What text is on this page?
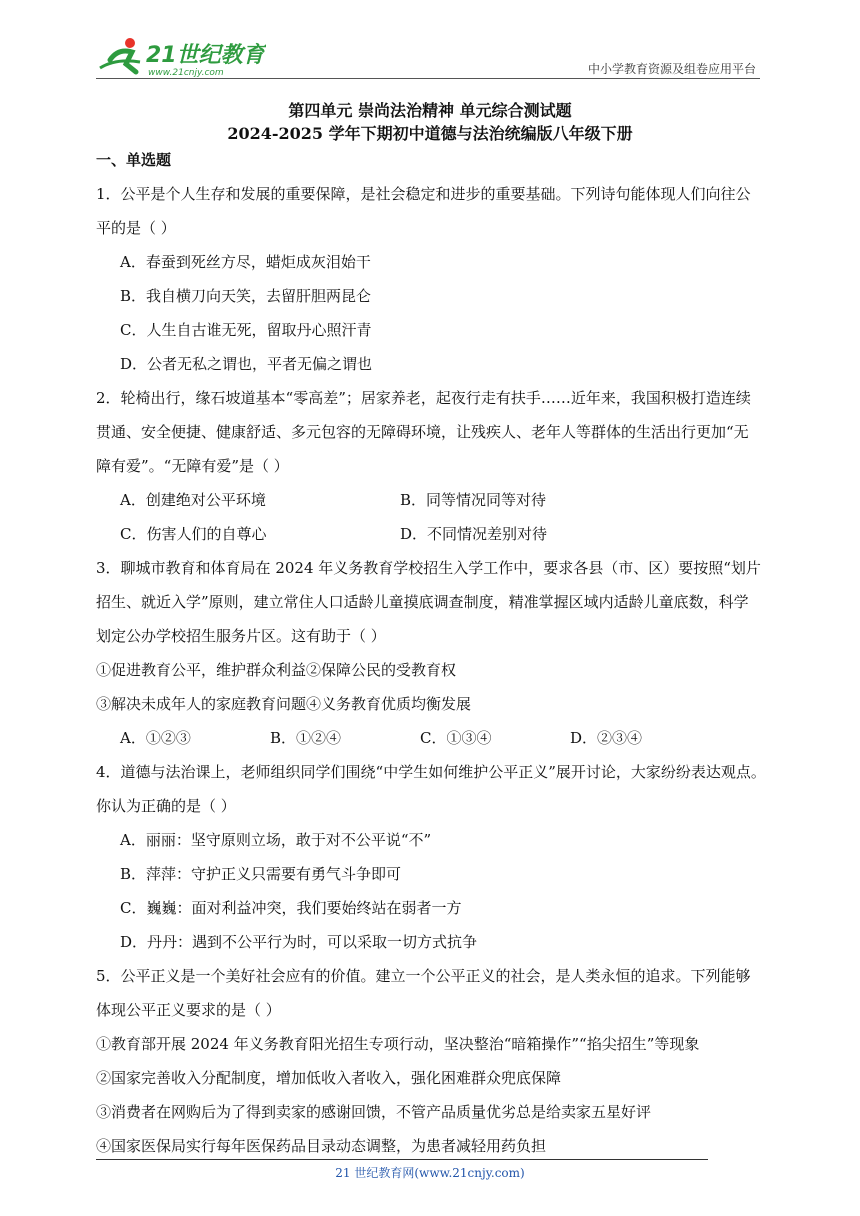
21世纪教育
www.21cnjy.com	中小学教育资源及组卷应用平台
第四单元 崇尚法治精神 单元综合测试题
2024-2025 学年下期初中道德与法治统编版八年级下册
一、单选题
1．公平是个人生存和发展的重要保障，是社会稳定和进步的重要基础。下列诗句能体现人们向往公
平的是（ ）
A．春蚕到死丝方尽，蜡炬成灰泪始干
B．我自横刀向天笑，去留肝胆两昆仑
C．人生自古谁无死，留取丹心照汗青
D．公者无私之谓也，平者无偏之谓也
2．轮椅出行，缘石坡道基本“零高差”；居家养老，起夜行走有扶手……近年来，我国积极打造连续
贯通、安全便捷、健康舒适、多元包容的无障碍环境，让残疾人、老年人等群体的生活出行更加“无
障有爱”。“无障有爱”是（ ）
A．创建绝对公平环境	B．同等情况同等对待
C．伤害人们的自尊心	D．不同情况差别对待
3．聊城市教育和体育局在 2024 年义务教育学校招生入学工作中，要求各县（市、区）要按照“划片
招生、就近入学”原则，建立常住人口适龄儿童摸底调查制度，精准掌握区域内适龄儿童底数，科学
划定公办学校招生服务片区。这有助于（ ）
①促进教育公平，维护群众利益②保障公民的受教育权
③解决未成年人的家庭教育问题④义务教育优质均衡发展
A．①②③	B．①②④	C．①③④	D．②③④
4．道德与法治课上，老师组织同学们围绕“中学生如何维护公平正义”展开讨论，大家纷纷表达观点。
你认为正确的是（ ）
A．丽丽：坚守原则立场，敢于对不公平说“不”
B．萍萍：守护正义只需要有勇气斗争即可
C．巍巍：面对利益冲突，我们要始终站在弱者一方
D．丹丹：遇到不公平行为时，可以采取一切方式抗争
5．公平正义是一个美好社会应有的价值。建立一个公平正义的社会，是人类永恒的追求。下列能够
体现公平正义要求的是（ ）
①教育部开展 2024 年义务教育阳光招生专项行动，坚决整治“暗箱操作”“掐尖招生”等现象
②国家完善收入分配制度，增加低收入者收入，强化困难群众兜底保障
③消费者在网购后为了得到卖家的感谢回馈，不管产品质量优劣总是给卖家五星好评
④国家医保局实行每年医保药品目录动态调整，为患者减轻用药负担
21 世纪教育网(www.21cnjy.com)
